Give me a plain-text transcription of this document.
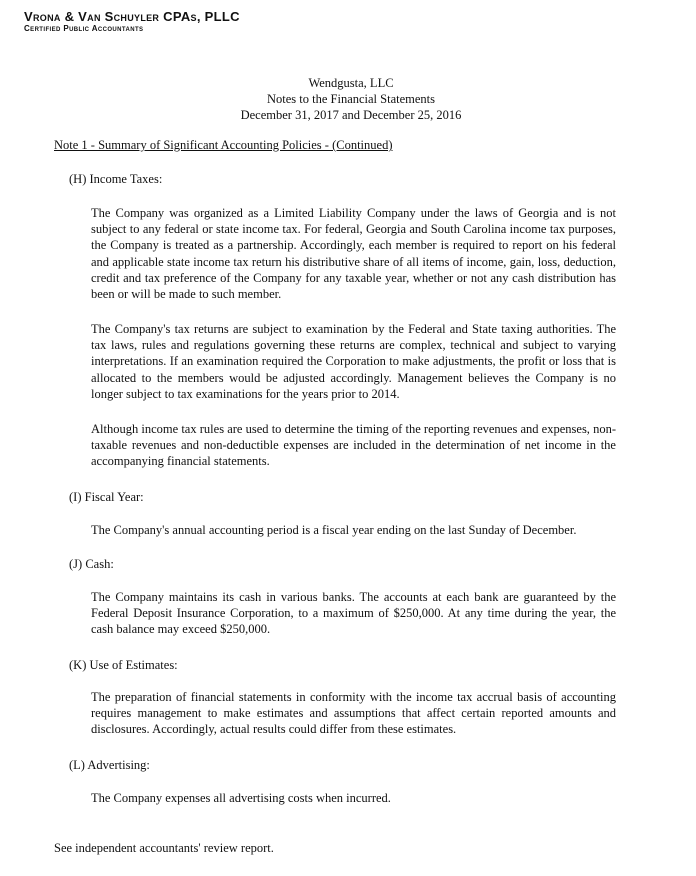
Vrona & Van Schuyler CPAs, PLLC
Certified Public Accountants
Wendgusta, LLC
Notes to the Financial Statements
December 31, 2017 and December 25, 2016
Note 1 - Summary of Significant Accounting Policies - (Continued)
(H) Income Taxes:
The Company was organized as a Limited Liability Company under the laws of Georgia and is not subject to any federal or state income tax. For federal, Georgia and South Carolina income tax purposes, the Company is treated as a partnership. Accordingly, each member is required to report on his federal and applicable state income tax return his distributive share of all items of income, gain, loss, deduction, credit and tax preference of the Company for any taxable year, whether or not any cash distribution has been or will be made to such member.
The Company's tax returns are subject to examination by the Federal and State taxing authorities. The tax laws, rules and regulations governing these returns are complex, technical and subject to varying interpretations. If an examination required the Corporation to make adjustments, the profit or loss that is allocated to the members would be adjusted accordingly. Management believes the Company is no longer subject to tax examinations for the years prior to 2014.
Although income tax rules are used to determine the timing of the reporting revenues and expenses, non-taxable revenues and non-deductible expenses are included in the determination of net income in the accompanying financial statements.
(I) Fiscal Year:
The Company's annual accounting period is a fiscal year ending on the last Sunday of December.
(J) Cash:
The Company maintains its cash in various banks. The accounts at each bank are guaranteed by the Federal Deposit Insurance Corporation, to a maximum of $250,000. At any time during the year, the cash balance may exceed $250,000.
(K) Use of Estimates:
The preparation of financial statements in conformity with the income tax accrual basis of accounting requires management to make estimates and assumptions that affect certain reported amounts and disclosures. Accordingly, actual results could differ from these estimates.
(L) Advertising:
The Company expenses all advertising costs when incurred.
See independent accountants' review report.
